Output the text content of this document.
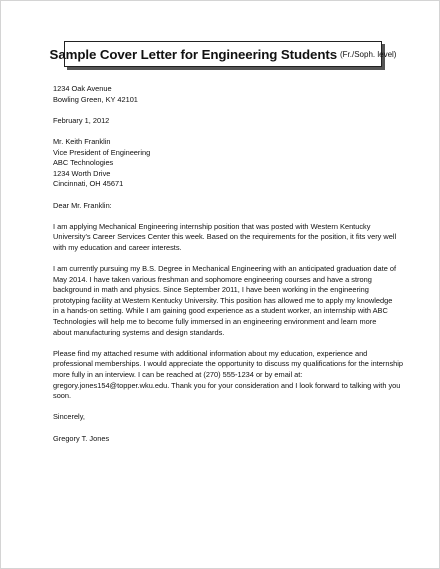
Sample Cover Letter for Engineering Students (Fr./Soph. level)
1234 Oak Avenue
Bowling Green, KY 42101
February 1, 2012
Mr. Keith Franklin
Vice President of Engineering
ABC Technologies
1234 Worth Drive
Cincinnati, OH 45671
Dear Mr. Franklin:
I am applying Mechanical Engineering internship position that was posted with Western Kentucky
University's Career Services Center this week. Based on the requirements for the position, it fits very well
with my education and career interests.
I am currently pursuing my B.S. Degree in Mechanical Engineering with an anticipated graduation date of
May 2014. I have taken various freshman and sophomore engineering courses and have a strong
background in math and physics. Since September 2011, I have been working in the engineering
prototyping facility at Western Kentucky University. This position has allowed me to apply my knowledge
in a hands-on setting. While I am gaining good experience as a student worker, an internship with ABC
Technologies will help me to become fully immersed in an engineering environment and learn more
about manufacturing systems and design standards.
Please find my attached resume with additional information about my education, experience and
professional memberships. I would appreciate the opportunity to discuss my qualifications for the internship
more fully in an interview. I can be reached at (270) 555-1234 or by email at:
gregory.jones154@topper.wku.edu. Thank you for your consideration and I look forward to talking with you
soon.
Sincerely,
Gregory T. Jones
